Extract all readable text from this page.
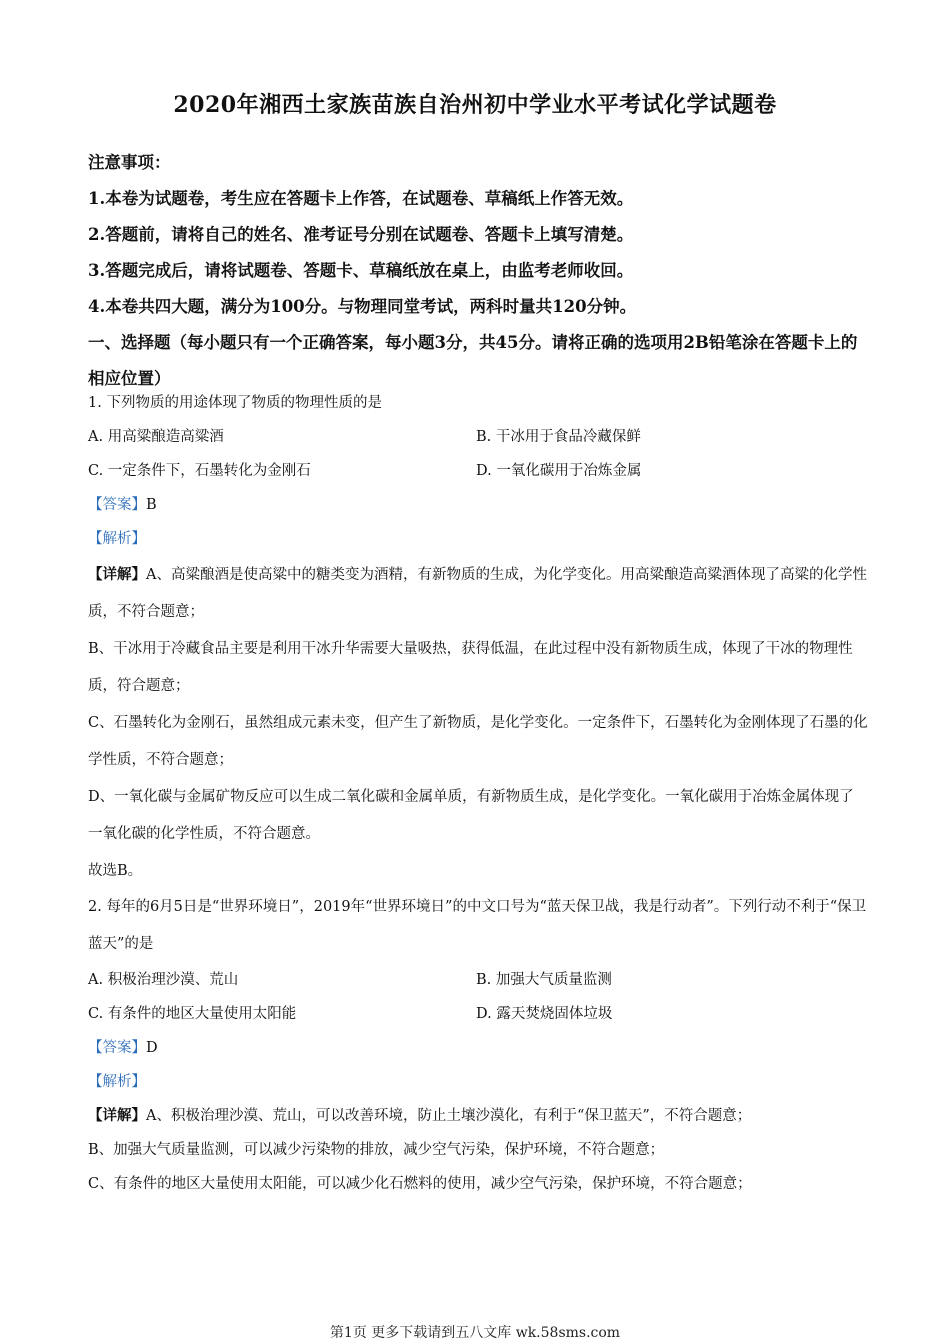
2020年湘西土家族苗族自治州初中学业水平考试化学试题卷
注意事项：
1.本卷为试题卷，考生应在答题卡上作答，在试题卷、草稿纸上作答无效。
2.答题前，请将自己的姓名、准考证号分别在试题卷、答题卡上填写清楚。
3.答题完成后，请将试题卷、答题卡、草稿纸放在桌上，由监考老师收回。
4.本卷共四大题，满分为100分。与物理同堂考试，两科时量共120分钟。
一、选择题（每小题只有一个正确答案，每小题3分，共45分。请将正确的选项用2B铅笔涂在答题卡上的相应位置）
1. 下列物质的用途体现了物质的物理性质的是
A. 用高粱酿造高粱酒	B. 干冰用于食品冷藏保鲜
C. 一定条件下，石墨转化为金刚石	D. 一氧化碳用于冶炼金属
【答案】B
【解析】
【详解】A、高粱酿酒是使高粱中的糖类变为酒精，有新物质的生成，为化学变化。用高粱酿造高粱酒体现了高粱的化学性质，不符合题意；
B、干冰用于冷藏食品主要是利用干冰升华需要大量吸热，获得低温，在此过程中没有新物质生成，体现了干冰的物理性质，符合题意；
C、石墨转化为金刚石，虽然组成元素未变，但产生了新物质，是化学变化。一定条件下，石墨转化为金刚体现了石墨的化学性质，不符合题意；
D、一氧化碳与金属矿物反应可以生成二氧化碳和金属单质，有新物质生成，是化学变化。一氧化碳用于冶炼金属体现了一氧化碳的化学性质，不符合题意。
故选B。
2. 每年的6月5日是“世界环境日”，2019年“世界环境日”的中文口号为“蓝天保卫战，我是行动者”。下列行动不利于“保卫蓝天”的是
A. 积极治理沙漠、荒山	B. 加强大气质量监测
C. 有条件的地区大量使用太阳能	D. 露天焚烧固体垃圾
【答案】D
【解析】
【详解】A、积极治理沙漠、荒山，可以改善环境，防止土壤沙漠化，有利于“保卫蓝天”，不符合题意；
B、加强大气质量监测，可以减少污染物的排放，减少空气污染，保护环境，不符合题意；
C、有条件的地区大量使用太阳能，可以减少化石燃料的使用，减少空气污染，保护环境，不符合题意；
第1页 更多下载请到五八文库 wk.58sms.com
